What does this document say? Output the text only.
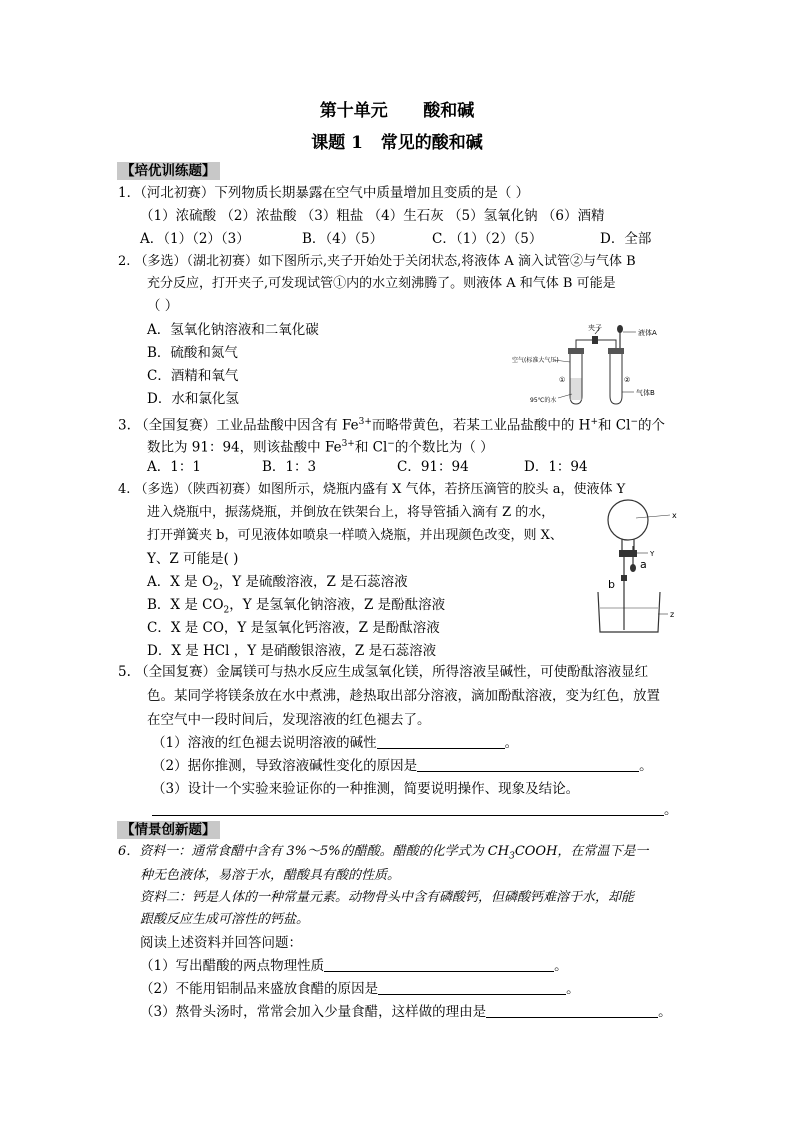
第十单元      酸和碱
课题 1   常见的酸和碱
【培优训练题】
1．（河北初赛）下列物质长期暴露在空气中质量增加且变质的是（ ）
（1）浓硫酸 （2）浓盐酸 （3）粗盐 （4）生石灰 （5）氢氧化钠 （6）酒精
A．（1）（2）（3）	B．（4）（5）	C．（1）（2）（5）	D．全部
2. （多选）（湖北初赛）如下图所示,夹子开始处于关闭状态,将液体 A 滴入试管②与气体 B
充分反应，打开夹子,可发现试管①内的水立刻沸腾了。则液体 A 和气体 B 可能是
（ ）
A．氢氧化钠溶液和二氧化碳
B．硫酸和氮气
C．酒精和氧气
D．水和氯化氢
夹子
液体A
空气(标准大气压)
①	②
95℃的水
气体B
3. （全国复赛）工业品盐酸中因含有 $Fe^{3+}$而略带黄色，若某工业品盐酸中的 H+和 Cl−的个
数比为 91：94，则该盐酸中 $Fe^{3+}$和 Cl−的个数比为（ ）
A．1：1	B．1：3	C．91：94	D．1：94
4. （多选）（陕西初赛）如图所示，烧瓶内盛有 X 气体，若挤压滴管的胶头 a，使液体 Y
进入烧瓶中，振荡烧瓶，并倒放在铁架台上，将导管插入滴有 Z 的水，
打开弹簧夹 b，可见液体如喷泉一样喷入烧瓶，并出现颜色改变，则 X、
Y、Z 可能是( )
A．X 是 $O_2$，Y 是硫酸溶液，Z 是石蕊溶液
B．X 是 $CO_2$，Y 是氢氧化钠溶液，Z 是酚酞溶液
C．X 是 CO，Y 是氢氧化钙溶液，Z 是酚酞溶液
D．X 是 HCl ，Y 是硝酸银溶液，Z 是石蕊溶液
x
Y
a
b
z
5. （全国复赛）金属镁可与热水反应生成氢氧化镁，所得溶液呈碱性，可使酚酞溶液显红
色。某同学将镁条放在水中煮沸，趁热取出部分溶液，滴加酚酞溶液，变为红色，放置
在空气中一段时间后，发现溶液的红色褪去了。
（1）溶液的红色褪去说明溶液的碱性	。
（2）据你推测，导致溶液碱性变化的原因是	。
（3）设计一个实验来验证你的一种推测，简要说明操作、现象及结论。
。
【情景创新题】
6．资料一：通常食醋中含有 3%～5%的醋酸。醋酸的化学式为 $CH_3COOH$，在常温下是一
种无色液体，易溶于水，醋酸具有酸的性质。
资料二：钙是人体的一种常量元素。动物骨头中含有磷酸钙，但磷酸钙难溶于水，却能
跟酸反应生成可溶性的钙盐。
阅读上述资料并回答问题：
（1）写出醋酸的两点物理性质	。
（2）不能用铝制品来盛放食醋的原因是	。
（3）熬骨头汤时，常常会加入少量食醋，这样做的理由是	。
